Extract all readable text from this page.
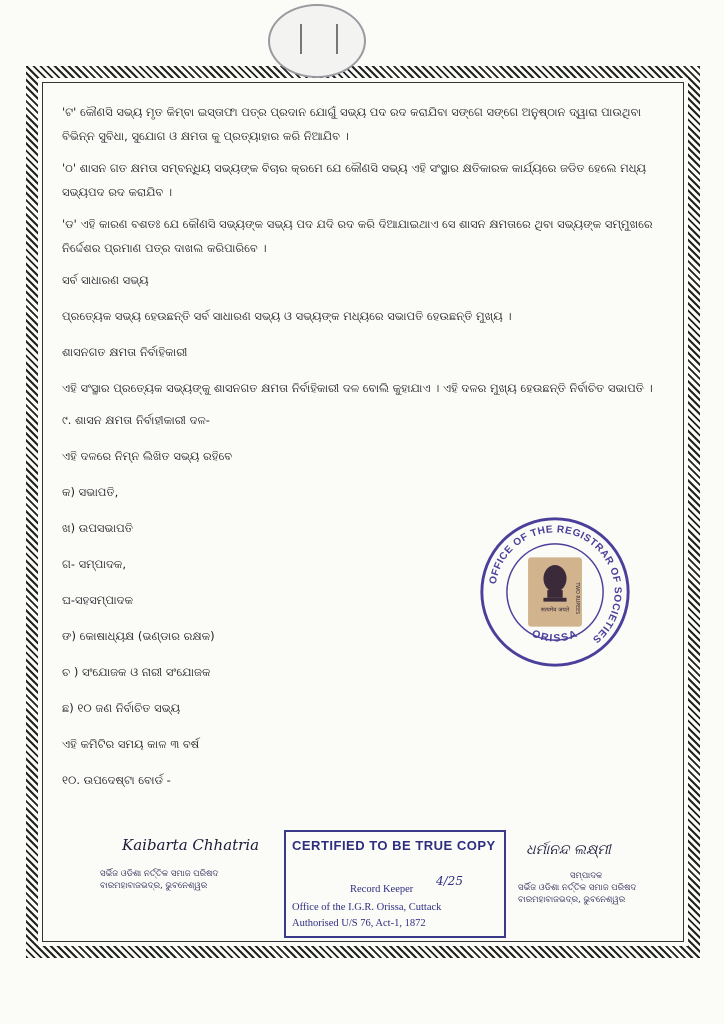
'ଟ' କୌଣସି ସଭ୍ୟ ମୃତ କିମ୍ବା ଇସ୍ତାଫା ପତ୍ର ପ୍ରଦାନ ଯୋଗୁଁ ସଭ୍ୟ ପଦ ରଦ କରାଯିବା ସଙ୍ଗେ ସଙ୍ଗେ ଅନୁଷ୍ଠାନ ଦ୍ୱାରା ପାଉଥିବା ବିଭିନ୍ନ ସୁବିଧା, ସୁଯୋଗ ଓ କ୍ଷମତା କୁ ପ୍ରତ୍ୟାହାର କରି ନିଆଯିବ ।

'ଠ' ଶାସନ ଗତ କ୍ଷମତା ସମ୍ବନ୍ଧିୟ ସଭ୍ୟଙ୍କ ବିଚାର କ୍ରମେ ଯେ କୌଣସି ସଭ୍ୟ ଏହି ସଂସ୍ଥାର କ୍ଷତିକାରକ କାର୍ଯ୍ୟରେ ଜଡିତ ହେଲେ ମଧ୍ୟ ସଭ୍ୟପଦ ରଦ କରାଯିବ ।

'ଡ' ଏହି କାରଣ ବଶତଃ ଯେ କୌଣସି ସଭ୍ୟଙ୍କ ସଭ୍ୟ ପଦ ଯଦି ରଦ କରି ଦିଆଯାଇଥାଏ ସେ ଶାସନ କ୍ଷମତାରେ ଥିବା ସଭ୍ୟଙ୍କ ସମ୍ମୁଖରେ ନିର୍ଦ୍ଦେଶର ପ୍ରମାଣ ପତ୍ର ଦାଖଲ କରିପାରିବେ ।

ସର୍ବ ସାଧାରଣ ସଭ୍ୟ

ପ୍ରତ୍ୟେକ ସଭ୍ୟ ହେଉଛନ୍ତି ସର୍ବ ସାଧାରଣ ସଭ୍ୟ ଓ ସଭ୍ୟଙ୍କ ମଧ୍ୟରେ ସଭାପତି ହେଉଛନ୍ତି ମୁଖ୍ୟ ।

ଶାସନଗତ କ୍ଷମତା ନିର୍ବାହିକାରୀ

ଏହି ସଂସ୍ଥାର ପ୍ରତ୍ୟେକ ସଭ୍ୟଙ୍କୁ ଶାସନଗତ କ୍ଷମତା ନିର୍ବାହିକାରୀ ଦଳ ବୋଲି କୁହାଯାଏ । ଏହି ଦଳର ମୁଖ୍ୟ ହେଉଛନ୍ତି ନିର୍ବାଚିତ ସଭାପତି ।

୯. ଶାସନ କ୍ଷମତା ନିର୍ବାହୀକାରୀ ଦଳ-

ଏହି ଦଳରେ ନିମ୍ନ ଲିଖିତ ସଭ୍ୟ ରହିବେ

କ) ସଭାପତି,

ଖ) ଉପସଭାପତି

ଗ- ସମ୍ପାଦକ,

ଘ-ସହସମ୍ପାଦକ

ଙ) କୋଷାଧ୍ୟକ୍ଷ (ଭଣ୍ଡାର ରକ୍ଷକ)

ଚ ) ସଂଯୋଜକ ଓ ନାରୀ ସଂଯୋଜକ

ଛ) ୧୦ ଜଣ ନିର୍ବାଚିତ ସଭ୍ୟ

ଏହି କମିଟିର ସମୟ କାଳ ୩ ବର୍ଷ

୧୦. ଉପଦେଷ୍ଟା ବୋର୍ଡ -

सत्यमेव जयते TWO RUPEES
OFFICE OF THE REGISTRAR OF SOCIETIES
ORISSA
Kaibarta Chhatria
ସର୍ଭିଜ ଓଡିଶା ନର୍ତ୍ତିକ ସମାଜ ପରିଷଦ
ବାରମହାବାଜଭଦ୍ର, ଭୁବନେଶ୍ୱର
CERTIFIED TO BE TRUE COPY
Record Keeper
4/25
Office of the I.G.R. Orissa, Cuttack
Authorised U/S 76, Act-1, 1872
ଧର୍ମାନନ୍ଦ ଲକ୍ଷ୍ମୀ
ସମ୍ପାଦକ
ସର୍ଭିଜ ଓଡିଶା ନର୍ତ୍ତିକ ସମାଜ ପରିଷଦ
ବାରମହାବାଜଭଦ୍ର, ଭୁବନେଶ୍ୱର
